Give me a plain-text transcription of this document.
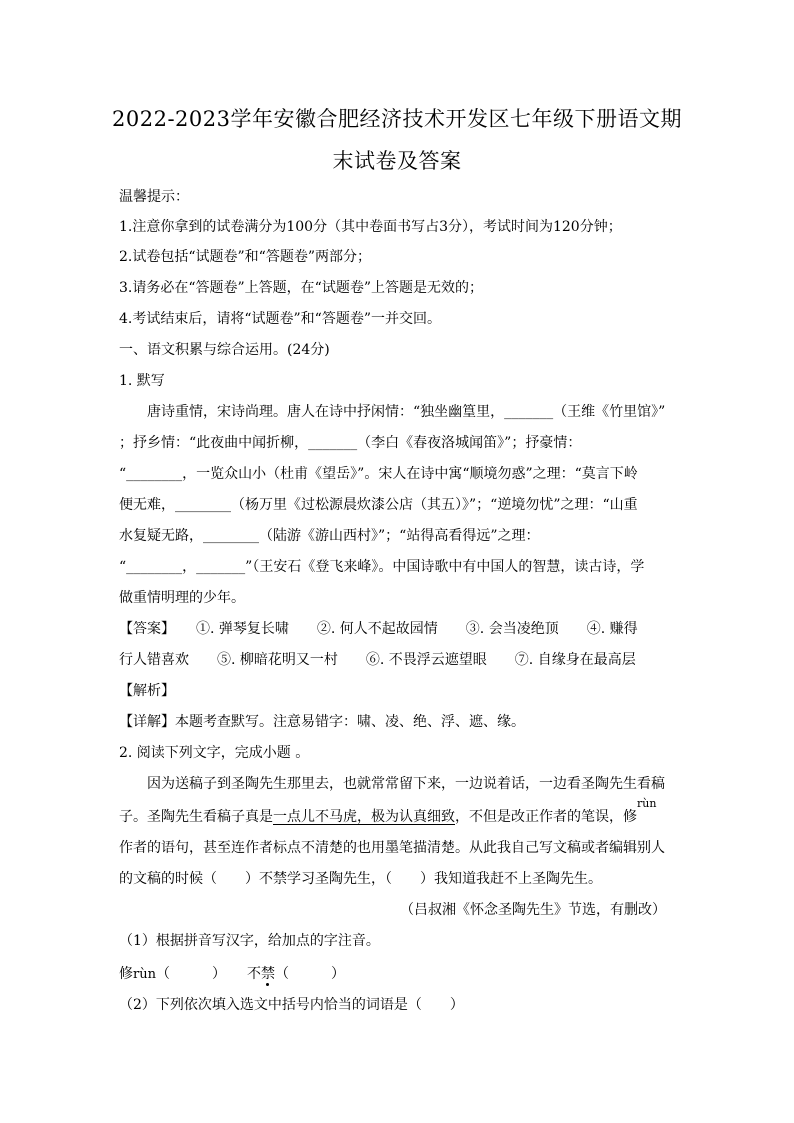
2022-2023学年安徽合肥经济技术开发区七年级下册语文期
末试卷及答案
温馨提示：
1.注意你拿到的试卷满分为100分（其中卷面书写占3分），考试时间为120分钟；
2.试卷包括“试题卷”和“答题卷”两部分；
3.请务必在“答题卷”上答题，在“试题卷”上答题是无效的；
4.考试结束后，请将“试题卷”和“答题卷”一并交回。
一、语文积累与综合运用。(24分)
1. 默写
唐诗重情，宋诗尚理。唐人在诗中抒闲情：“独坐幽篁里，_______（王维《竹里馆》”
；抒乡情：“此夜曲中闻折柳，_______（李白《春夜洛城闻笛》”；抒豪情：
“________，一览众山小（杜甫《望岳》”。宋人在诗中寓“顺境勿惑”之理：“莫言下岭
便无难，________（杨万里《过松源晨炊漆公店（其五）》”；“逆境勿忧”之理：“山重
水复疑无路，________（陆游《游山西村》”；“站得高看得远”之理：
“________，_______”（王安石《登飞来峰》。中国诗歌中有中国人的智慧，读古诗，学
做重情明理的少年。
【答案】　　①. 弹琴复长啸　　②. 何人不起故园情　　③. 会当凌绝顶　　④. 赚得
行人错喜欢　　⑤. 柳暗花明又一村　　⑥. 不畏浮云遮望眼　　⑦. 自缘身在最高层
【解析】
【详解】本题考查默写。注意易错字：啸、凌、绝、浮、遮、缘。
2. 阅读下列文字，完成小题 。
因为送稿子到圣陶先生那里去，也就常常留下来，一边说着话，一边看圣陶先生看稿
子。圣陶先生看稿子真是一点儿不马虎，极为认真细致，不但是改正作者的笔误，修
rùn

作者的语句，甚至连作者标点不清楚的也用墨笔描清楚。从此我自己写文稿或者编辑别人
的文稿的时候（　　）不禁学习圣陶先生，（　　）我知道我赶不上圣陶先生。
（吕叔湘《怀念圣陶先生》节选，有删改）
（1）根据拼音写汉字，给加点的字注音。
修rùn（　　　）　　不禁（　　　）
（2）下列依次填入选文中括号内恰当的词语是（　　）
